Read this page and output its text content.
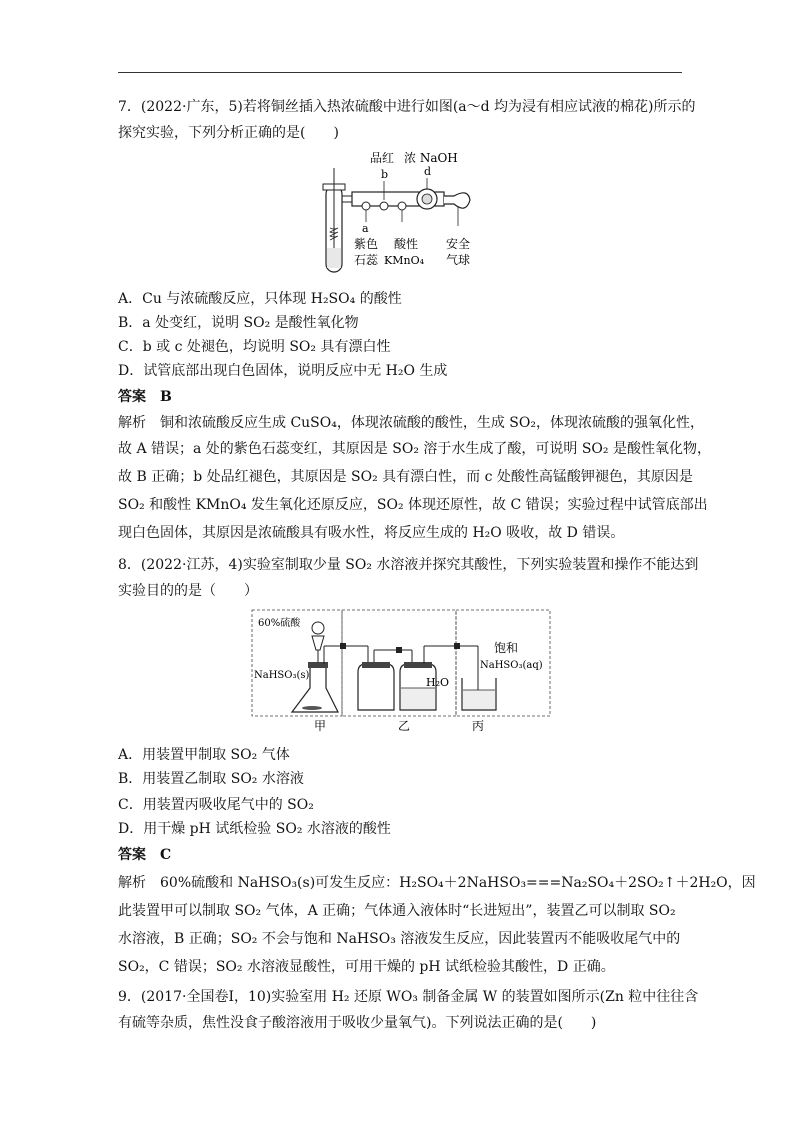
7．(2022·广东，5)若将铜丝插入热浓硫酸中进行如图(a～d 均为浸有相应试液的棉花)所示的
探究实验，下列分析正确的是(　　)
品红 浓 NaOH
b	d
a
紫色
石蕊
酸性
KMnO₄
安全
气球
A．Cu 与浓硫酸反应，只体现 H₂SO₄ 的酸性
B．a 处变红，说明 SO₂ 是酸性氧化物
C．b 或 c 处褪色，均说明 SO₂ 具有漂白性
D．试管底部出现白色固体，说明反应中无 H₂O 生成
答案　B
解析　铜和浓硫酸反应生成 CuSO₄，体现浓硫酸的酸性，生成 SO₂，体现浓硫酸的强氧化性，
故 A 错误；a 处的紫色石蕊变红，其原因是 SO₂ 溶于水生成了酸，可说明 SO₂ 是酸性氧化物，
故 B 正确；b 处品红褪色，其原因是 SO₂ 具有漂白性，而 c 处酸性高锰酸钾褪色，其原因是
SO₂ 和酸性 KMnO₄ 发生氧化还原反应，SO₂ 体现还原性，故 C 错误；实验过程中试管底部出
现白色固体，其原因是浓硫酸具有吸水性，将反应生成的 H₂O 吸收，故 D 错误。
8．(2022·江苏，4)实验室制取少量 SO₂ 水溶液并探究其酸性，下列实验装置和操作不能达到
实验目的的是（　　）
60%硫酸
NaHSO₃(s)
H₂O
饱和
NaHSO₃(aq)
甲	乙	丙
A．用装置甲制取 SO₂ 气体
B．用装置乙制取 SO₂ 水溶液
C．用装置丙吸收尾气中的 SO₂
D．用干燥 pH 试纸检验 SO₂ 水溶液的酸性
答案　C
解析　60%硫酸和 NaHSO₃(s)可发生反应：H₂SO₄＋2NaHSO₃===Na₂SO₄＋2SO₂↑＋2H₂O，因
此装置甲可以制取 SO₂ 气体，A 正确；气体通入液体时“长进短出”，装置乙可以制取 SO₂
水溶液，B 正确；SO₂ 不会与饱和 NaHSO₃ 溶液发生反应，因此装置丙不能吸收尾气中的
SO₂，C 错误；SO₂ 水溶液显酸性，可用干燥的 pH 试纸检验其酸性，D 正确。
9．(2017·全国卷Ⅰ，10)实验室用 H₂ 还原 WO₃ 制备金属 W 的装置如图所示(Zn 粒中往往含
有硫等杂质，焦性没食子酸溶液用于吸收少量氧气)。下列说法正确的是(　　)
